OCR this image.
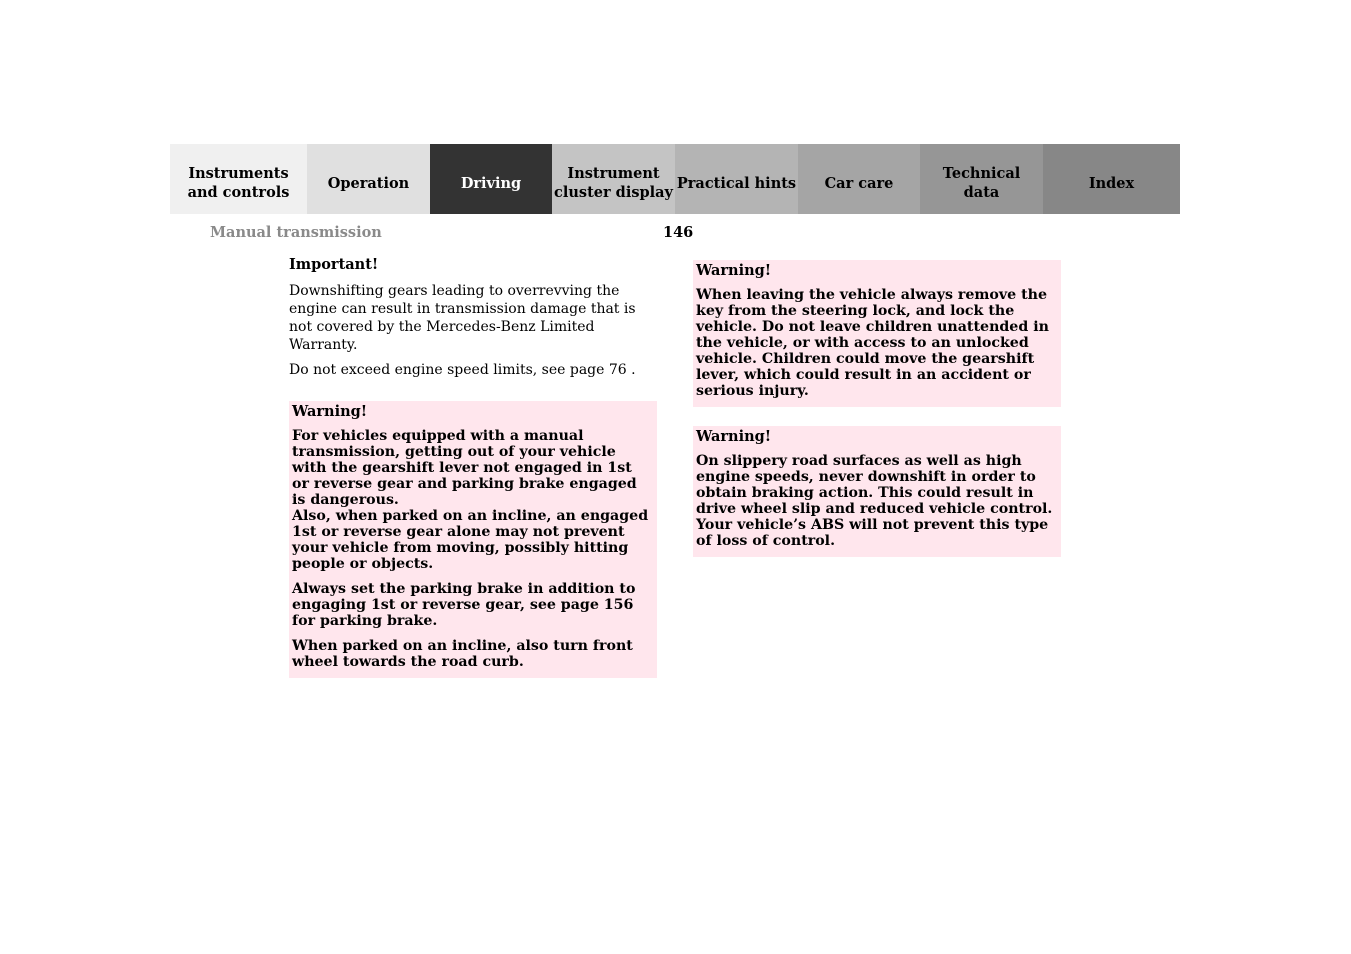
Instruments
and controls
Operation	Driving
Instrument
cluster display
Practical hints	Car care
Technical
data
Index
Manual transmission	146

Important!

Downshifting gears leading to overrevving the engine can result in transmission damage that is not covered by the Mercedes-Benz Limited Warranty.

Do not exceed engine speed limits, see page 76 .

Warning!

For vehicles equipped with a manual transmission, getting out of your vehicle with the gearshift lever not engaged in 1st or reverse gear and parking brake engaged is dangerous.
Also, when parked on an incline, an engaged 1st or reverse gear alone may not prevent your vehicle from moving, possibly hitting people or objects.

Always set the parking brake in addition to engaging 1st or reverse gear, see page 156 for parking brake.

When parked on an incline, also turn front wheel towards the road curb.

Warning!

When leaving the vehicle always remove the key from the steering lock, and lock the vehicle. Do not leave children unattended in the vehicle, or with access to an unlocked vehicle. Children could move the gearshift lever, which could result in an accident or serious injury.

Warning!

On slippery road surfaces as well as high engine speeds, never downshift in order to obtain braking action. This could result in drive wheel slip and reduced vehicle control. Your vehicle’s ABS will not prevent this type of loss of control.
